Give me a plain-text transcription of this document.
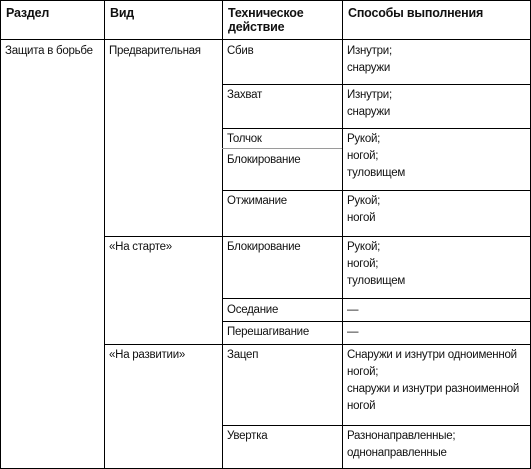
Раздел	Вид	Техническое
действие
Способы выполнения
Защита в борьбе Предварительная
«На старте»
«На развитии»
Сбив
Захват
Толчок
Блокирование
Отжимание
Блокирование
Оседание
Перешагивание
Зацеп
Увертка
Изнутри;
снаружи
Изнутри;
снаружи
Рукой;
ногой;
туловищем
Рукой;
ногой
Рукой;
ногой;
туловищем
—
—
Снаружи и изнутри одноименной
ногой;
снаружи и изнутри разноименной
ногой
Разнонаправленные;
однонаправленные
